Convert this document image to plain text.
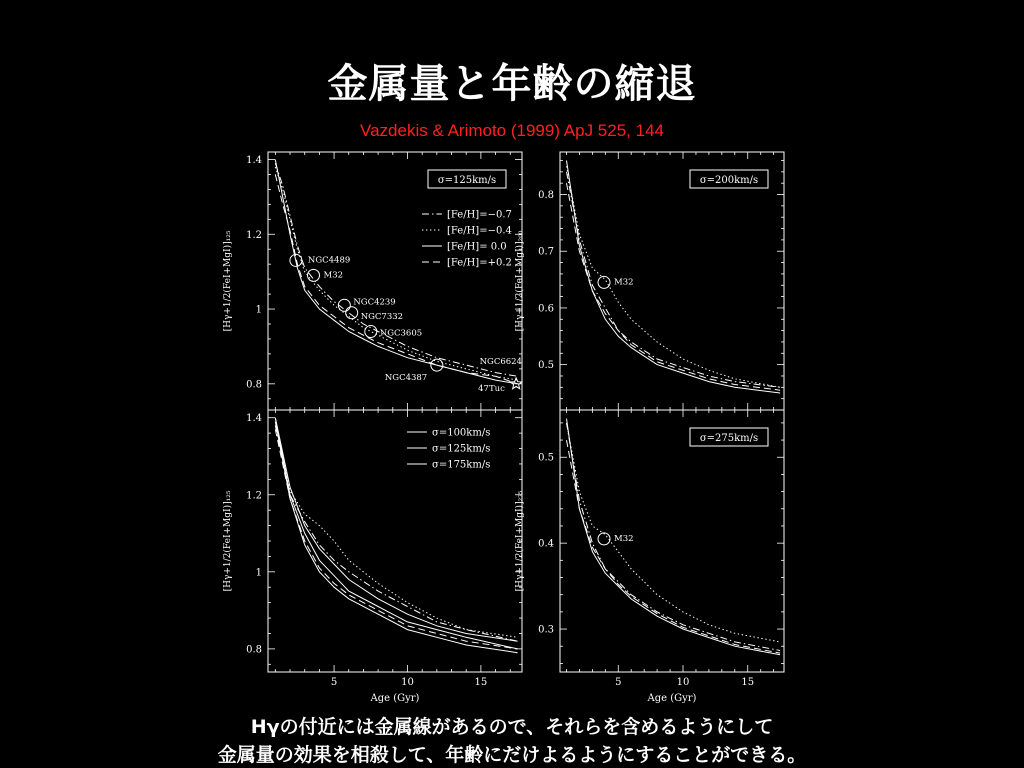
金属量と年齢の縮退
Vazdekis & Arimoto (1999) ApJ 525, 144
0.8
1
1.2
1.4
[Hγ+1/2(FeI+MgI)]₁₂₅
σ=125km/s
[Fe/H]=−0.7
[Fe/H]=−0.4
[Fe/H]= 0.0
[Fe/H]=+0.2
NGC4489
M32
NGC4239
NGC7332
NGC3605
NGC4387
NGC6624
47Tuc
0.5
0.6
0.7
0.8
[Hγ+1/2(FeI+MgI)]₂₀₀
σ=200km/s
M32
0.8
1
1.2
1.4
5	10	15
Age (Gyr)
[Hγ+1/2(FeI+MgI)]₁₂₅
σ=100km/s
σ=125km/s
σ=175km/s
0.3
0.4
0.5
5	10	15
Age (Gyr)
[Hγ+1/2(FeI+MgI)]₂₇₅
σ=275km/s
M32
Hγの付近には金属線があるので、それらを含めるようにして
金属量の効果を相殺して、年齢にだけよるようにすることができる。
